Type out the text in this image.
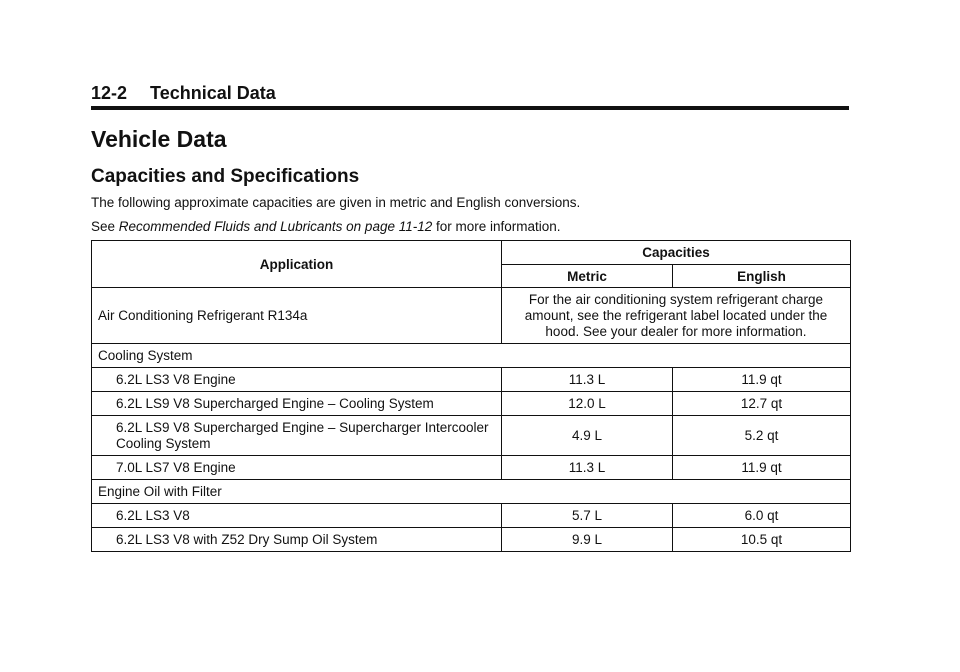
12-2 Technical Data
Vehicle Data
Capacities and Specifications
The following approximate capacities are given in metric and English conversions.
See Recommended Fluids and Lubricants on page 11-12 for more information.
Application	Capacities	
	Metric	English
Air Conditioning Refrigerant R134a	For the air conditioning system refrigerant charge amount, see the refrigerant label located under the hood. See your dealer for more information.	
Cooling System		
6.2L LS3 V8 Engine	11.3 L	11.9 qt
6.2L LS9 V8 Supercharged Engine – Cooling System	12.0 L	12.7 qt
6.2L LS9 V8 Supercharged Engine – Supercharger Intercooler Cooling System	4.9 L	5.2 qt
7.0L LS7 V8 Engine	11.3 L	11.9 qt
Engine Oil with Filter		
6.2L LS3 V8	5.7 L	6.0 qt
6.2L LS3 V8 with Z52 Dry Sump Oil System	9.9 L	10.5 qt
